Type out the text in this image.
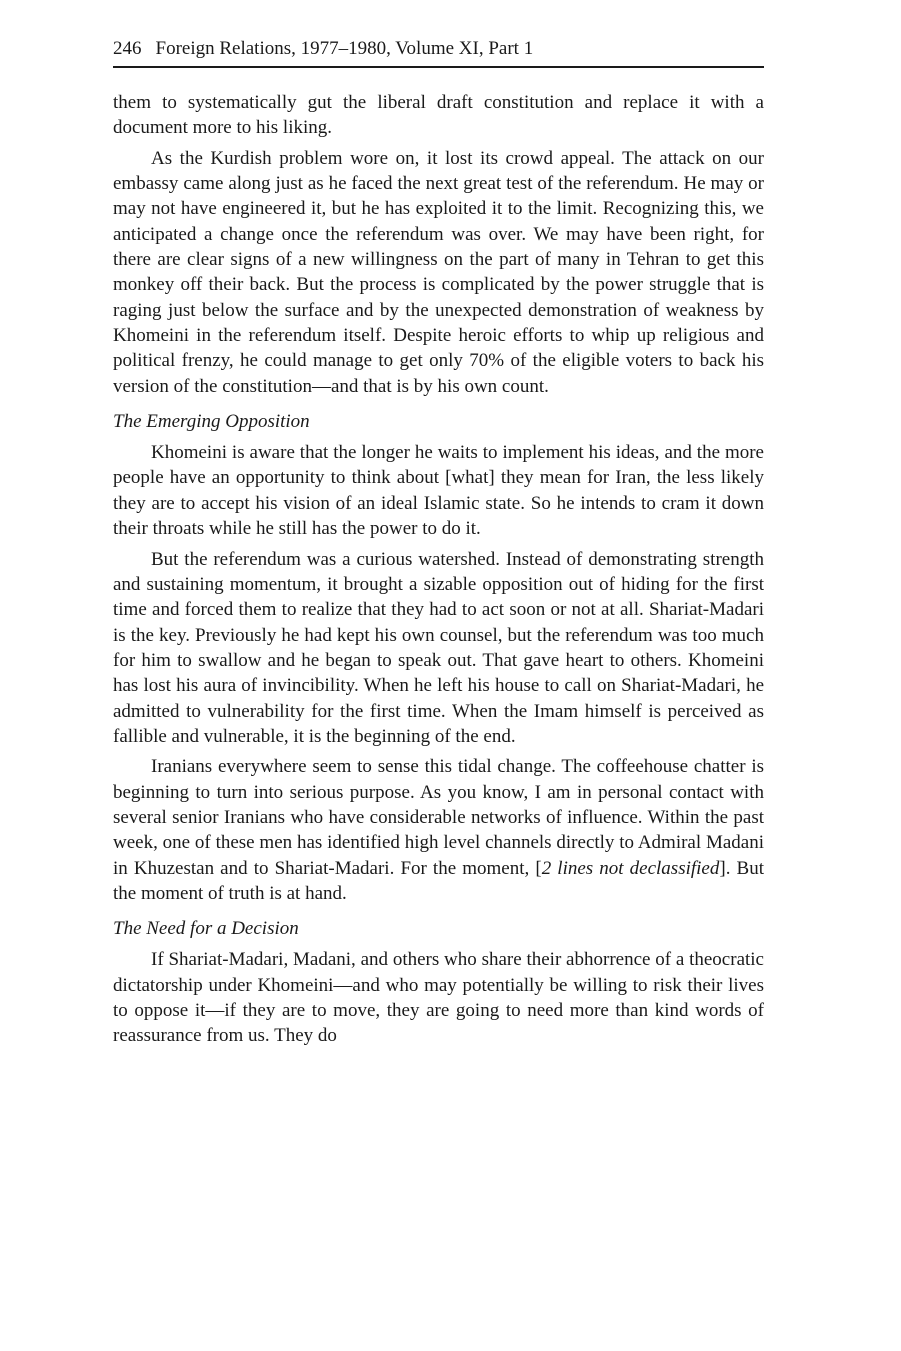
246 Foreign Relations, 1977–1980, Volume XI, Part 1

them to systematically gut the liberal draft constitution and replace it with a document more to his liking.

As the Kurdish problem wore on, it lost its crowd appeal. The attack on our embassy came along just as he faced the next great test of the referendum. He may or may not have engineered it, but he has exploited it to the limit. Recognizing this, we anticipated a change once the referendum was over. We may have been right, for there are clear signs of a new willingness on the part of many in Tehran to get this monkey off their back. But the process is complicated by the power struggle that is raging just below the surface and by the unexpected demonstration of weakness by Khomeini in the referendum itself. Despite heroic efforts to whip up religious and political frenzy, he could manage to get only 70% of the eligible voters to back his version of the constitution—and that is by his own count.

The Emerging Opposition

Khomeini is aware that the longer he waits to implement his ideas, and the more people have an opportunity to think about [what] they mean for Iran, the less likely they are to accept his vision of an ideal Islamic state. So he intends to cram it down their throats while he still has the power to do it.

But the referendum was a curious watershed. Instead of demonstrating strength and sustaining momentum, it brought a sizable opposition out of hiding for the first time and forced them to realize that they had to act soon or not at all. Shariat-Madari is the key. Previously he had kept his own counsel, but the referendum was too much for him to swallow and he began to speak out. That gave heart to others. Khomeini has lost his aura of invincibility. When he left his house to call on Shariat-Madari, he admitted to vulnerability for the first time. When the Imam himself is perceived as fallible and vulnerable, it is the beginning of the end.

Iranians everywhere seem to sense this tidal change. The coffeehouse chatter is beginning to turn into serious purpose. As you know, I am in personal contact with several senior Iranians who have considerable networks of influence. Within the past week, one of these men has identified high level channels directly to Admiral Madani in Khuzestan and to Shariat-Madari. For the moment, [2 lines not declassified]. But the moment of truth is at hand.

The Need for a Decision

If Shariat-Madari, Madani, and others who share their abhorrence of a theocratic dictatorship under Khomeini—and who may potentially be willing to risk their lives to oppose it—if they are to move, they are going to need more than kind words of reassurance from us. They do
